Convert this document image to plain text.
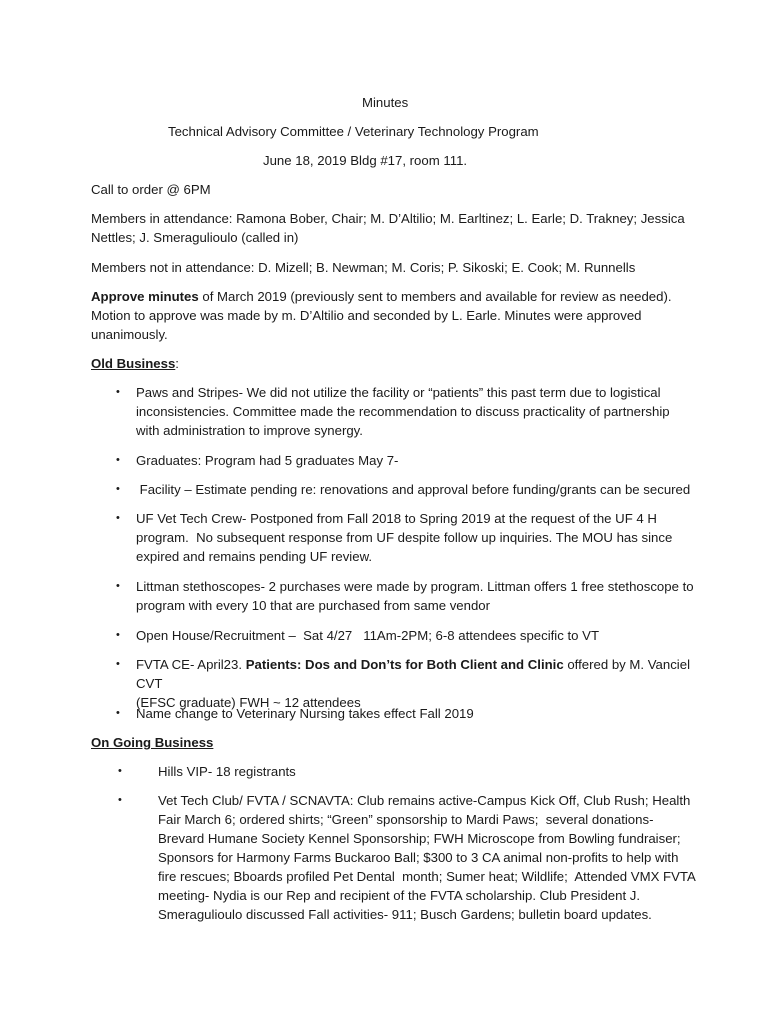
Minutes
Technical Advisory Committee / Veterinary Technology Program
June 18, 2019 Bldg #17, room 111.
Call to order @ 6PM
Members in attendance: Ramona Bober, Chair; M. D’Altilio; M. Earltinez; L. Earle; D. Trakney; Jessica
Nettles; J. Smeragulioulo (called in)
Members not in attendance: D. Mizell; B. Newman; M. Coris; P. Sikoski; E. Cook; M. Runnells
Approve minutes of March 2019 (previously sent to members and available for review as needed).
Motion to approve was made by m. D’Altilio and seconded by L. Earle. Minutes were approved
unanimously.
Old Business:
• Paws and Stripes- We did not utilize the facility or “patients” this past term due to logistical
inconsistencies. Committee made the recommendation to discuss practicality of partnership
with administration to improve synergy.
• Graduates: Program had 5 graduates May 7-
• Facility – Estimate pending re: renovations and approval before funding/grants can be secured
• UF Vet Tech Crew- Postponed from Fall 2018 to Spring 2019 at the request of the UF 4 H
program.  No subsequent response from UF despite follow up inquiries. The MOU has since
expired and remains pending UF review.
• Littman stethoscopes- 2 purchases were made by program. Littman offers 1 free stethoscope to
program with every 10 that are purchased from same vendor
• Open House/Recruitment –  Sat 4/27   11Am-2PM; 6-8 attendees specific to VT
• FVTA CE- April23. Patients: Dos and Don’ts for Both Client and Clinic offered by M. Vanciel CVT
(EFSC graduate) FWH ~ 12 attendees
• Name change to Veterinary Nursing takes effect Fall 2019
On Going Business
•	Hills VIP- 18 registrants
•	Vet Tech Club/ FVTA / SCNAVTA: Club remains active-Campus Kick Off, Club Rush; Health
Fair March 6; ordered shirts; “Green” sponsorship to Mardi Paws;  several donations-
Brevard Humane Society Kennel Sponsorship; FWH Microscope from Bowling fundraiser;
Sponsors for Harmony Farms Buckaroo Ball; $300 to 3 CA animal non-profits to help with
fire rescues; Bboards profiled Pet Dental  month; Sumer heat; Wildlife;  Attended VMX FVTA
meeting- Nydia is our Rep and recipient of the FVTA scholarship. Club President J.
Smeragulioulo discussed Fall activities- 911; Busch Gardens; bulletin board updates.
